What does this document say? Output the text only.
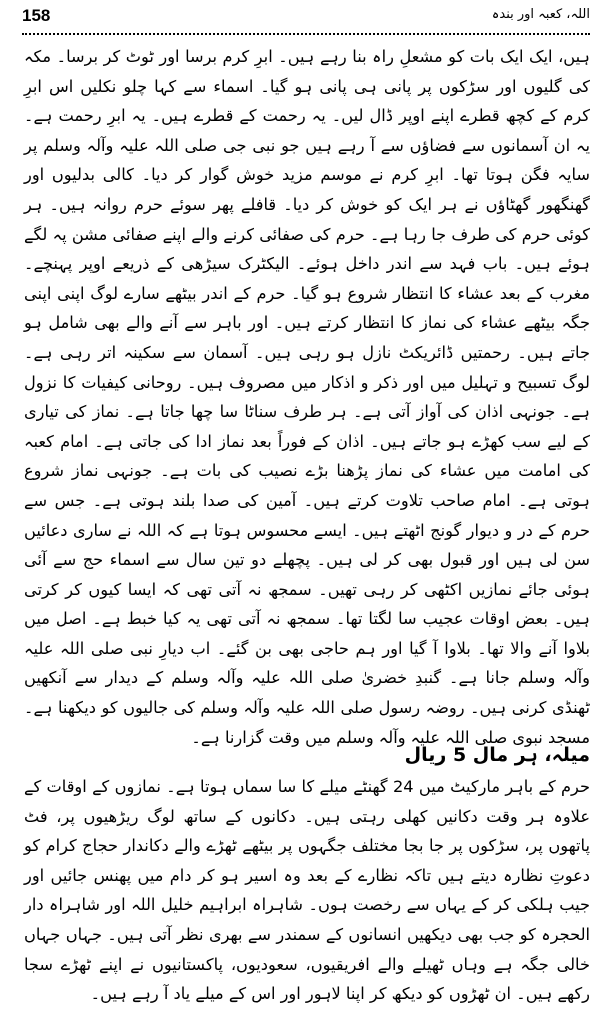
158	اللہ، کعبہ اور بندہ

ہیں، ایک ایک بات کو مشعلِ راہ بنا رہے ہیں۔ ابرِ کرم برسا اور ٹوٹ کر برسا۔ مکہ کی گلیوں اور سڑکوں پر پانی ہی پانی ہو گیا۔ اسماء سے کہا چلو نکلیں اس ابرِ کرم کے کچھ قطرے اپنے اوپر ڈال لیں۔ یہ رحمت کے قطرے ہیں۔ یہ ابرِ رحمت ہے۔ یہ ان آسمانوں سے فضاؤں سے آ رہے ہیں جو نبی جی صلی اللہ علیہ وآلہ وسلم پر سایہ فگن ہوتا تھا۔ ابرِ کرم نے موسم مزید خوش گوار کر دیا۔ کالی بدلیوں اور گھنگھور گھٹاؤں نے ہر ایک کو خوش کر دیا۔ قافلے پھر سوئے حرم روانہ ہیں۔ ہر کوئی حرم کی طرف جا رہا ہے۔ حرم کی صفائی کرنے والے اپنے صفائی مشن پہ لگے ہوئے ہیں۔ باب فہد سے اندر داخل ہوئے۔ الیکٹرک سیڑھی کے ذریعے اوپر پہنچے۔ مغرب کے بعد عشاء کا انتظار شروع ہو گیا۔ حرم کے اندر بیٹھے سارے لوگ اپنی اپنی جگہ بیٹھے عشاء کی نماز کا انتظار کرتے ہیں۔ اور باہر سے آنے والے بھی شامل ہو جاتے ہیں۔ رحمتیں ڈائریکٹ نازل ہو رہی ہیں۔ آسمان سے سکینہ اتر رہی ہے۔ لوگ تسبیح و تہلیل میں اور ذکر و اذکار میں مصروف ہیں۔ روحانی کیفیات کا نزول ہے۔ جونہی اذان کی آواز آتی ہے۔ ہر طرف سناٹا سا چھا جاتا ہے۔ نماز کی تیاری کے لیے سب کھڑے ہو جاتے ہیں۔ اذان کے فوراً بعد نماز ادا کی جاتی ہے۔ امام کعبہ کی امامت میں عشاء کی نماز پڑھنا بڑے نصیب کی بات ہے۔ جونہی نماز شروع ہوتی ہے۔ امام صاحب تلاوت کرتے ہیں۔ آمین کی صدا بلند ہوتی ہے۔ جس سے حرم کے در و دیوار گونج اٹھتے ہیں۔ ایسے محسوس ہوتا ہے کہ اللہ نے ساری دعائیں سن لی ہیں اور قبول بھی کر لی ہیں۔ پچھلے دو تین سال سے اسماء حج سے آئی ہوئی جائے نمازیں اکٹھی کر رہی تھیں۔ سمجھ نہ آتی تھی کہ ایسا کیوں کر کرتی ہیں۔ بعض اوقات عجیب سا لگتا تھا۔ سمجھ نہ آتی تھی یہ کیا خبط ہے۔ اصل میں بلاوا آنے والا تھا۔ بلاوا آ گیا اور ہم حاجی بھی بن گئے۔ اب دیارِ نبی صلی اللہ علیہ وآلہ وسلم جانا ہے۔ گنبدِ خضریٰ صلی اللہ علیہ وآلہ وسلم کے دیدار سے آنکھیں ٹھنڈی کرنی ہیں۔ روضہ رسول صلی اللہ علیہ وآلہ وسلم کی جالیوں کو دیکھنا ہے۔ مسجد نبوی صلی اللہ علیہ وآلہ وسلم میں وقت گزارنا ہے۔

میلہ، ہر مال 5 ریال

حرم کے باہر مارکیٹ میں 24 گھنٹے میلے کا سا سماں ہوتا ہے۔ نمازوں کے اوقات کے علاوہ ہر وقت دکانیں کھلی رہتی ہیں۔ دکانوں کے ساتھ لوگ ریڑھیوں پر، فٹ پاتھوں پر، سڑکوں پر جا بجا مختلف جگہوں پر بیٹھے ٹھڑے والے دکاندار حجاج کرام کو دعوتِ نظارہ دیتے ہیں تاکہ نظارے کے بعد وہ اسیر ہو کر دام میں پھنس جائیں اور جیب ہلکی کر کے یہاں سے رخصت ہوں۔ شاہراہ ابراہیم خلیل اللہ اور شاہراہ دار الحجرہ کو جب بھی دیکھیں انسانوں کے سمندر سے بھری نظر آتی ہیں۔ جہاں جہاں خالی جگہ ہے وہاں ٹھیلے والے افریقیوں، سعودیوں، پاکستانیوں نے اپنے ٹھڑے سجا رکھے ہیں۔ ان ٹھڑوں کو دیکھ کر اپنا لاہور اور اس کے میلے یاد آ رہے ہیں۔
